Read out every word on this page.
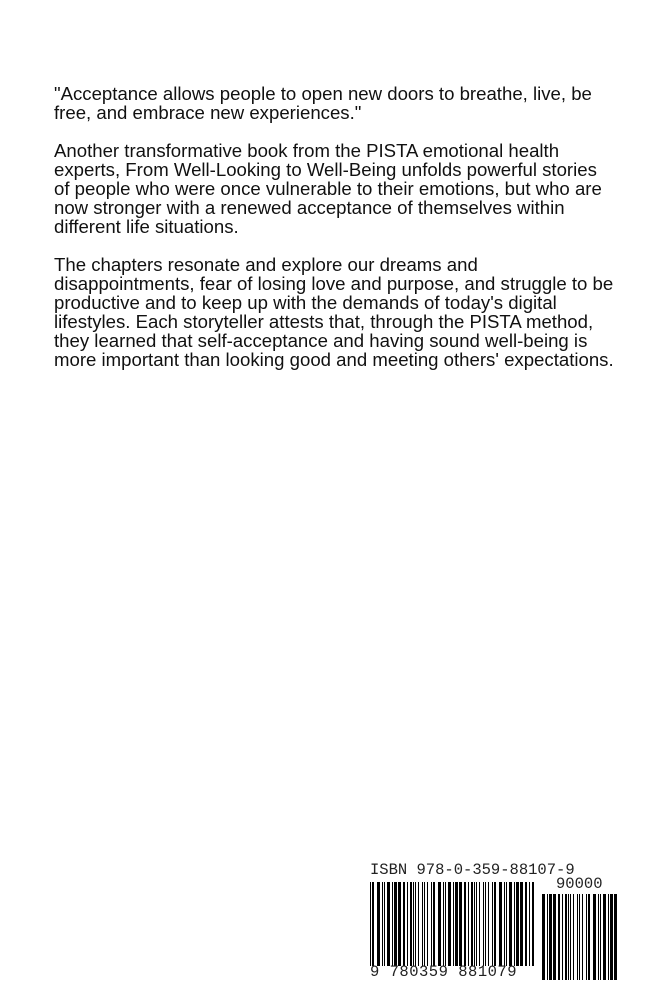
"Acceptance allows people to open new doors to breathe, live, be free, and embrace new experiences."

Another transformative book from the PISTA emotional health experts, From Well-Looking to Well-Being unfolds powerful stories of people who were once vulnerable to their emotions, but who are now stronger with a renewed acceptance of themselves within different life situations.

The chapters resonate and explore our dreams and disappointments, fear of losing love and purpose, and struggle to be productive and to keep up with the demands of today's digital lifestyles. Each storyteller attests that, through the PISTA method, they learned that self-acceptance and having sound well-being is more important than looking good and meeting others' expectations.

ISBN 978-0-359-88107-9
90000
9 780359 881079
